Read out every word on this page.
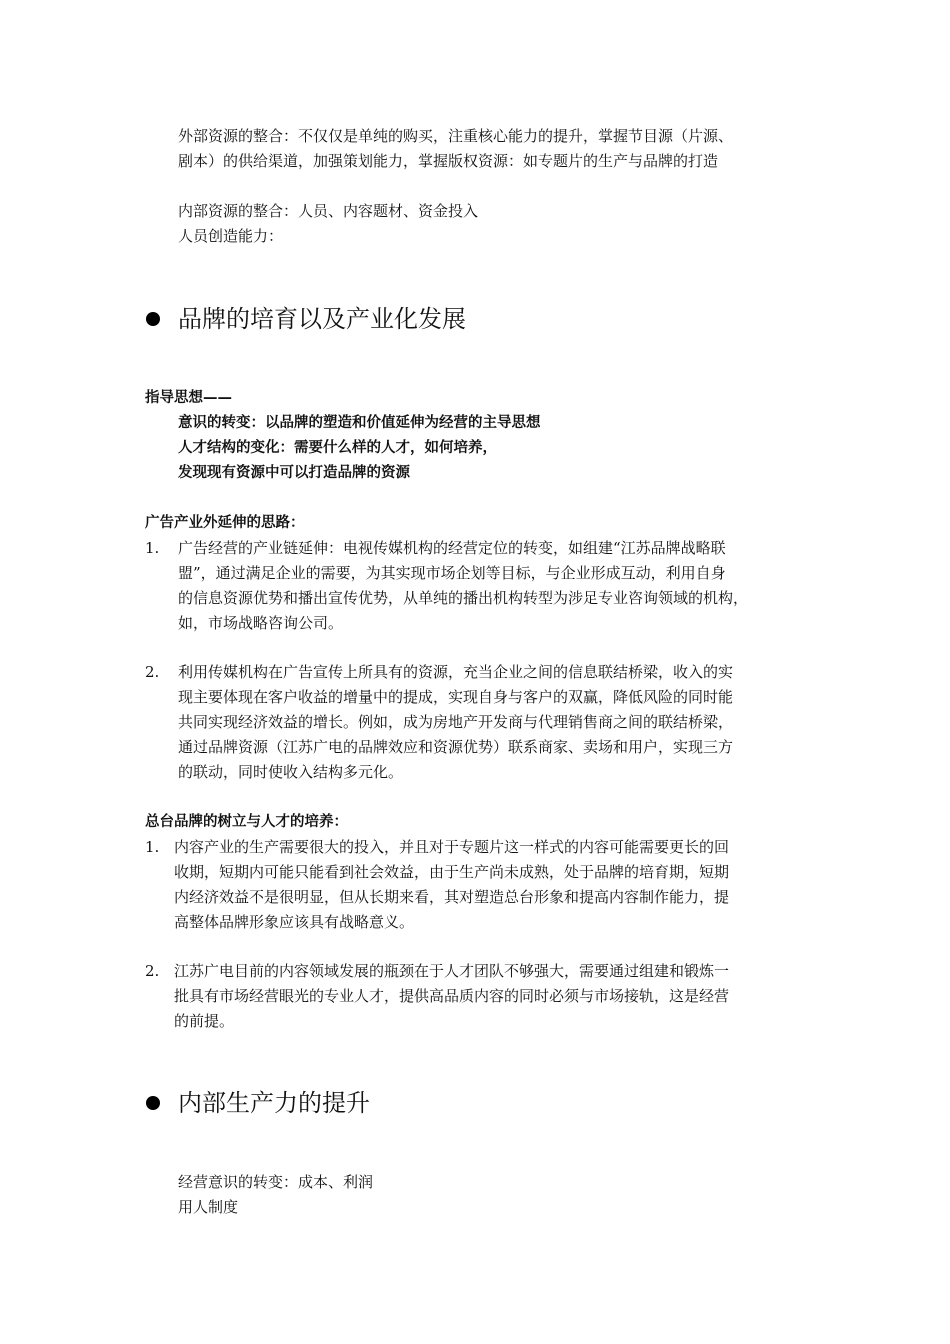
外部资源的整合：不仅仅是单纯的购买，注重核心能力的提升，掌握节目源（片源、
剧本）的供给渠道，加强策划能力，掌握版权资源：如专题片的生产与品牌的打造
内部资源的整合：人员、内容题材、资金投入
人员创造能力：
品牌的培育以及产业化发展
指导思想——
意识的转变：以品牌的塑造和价值延伸为经营的主导思想
人才结构的变化：需要什么样的人才，如何培养，
发现现有资源中可以打造品牌的资源
广告产业外延伸的思路：
1. 广告经营的产业链延伸：电视传媒机构的经营定位的转变，如组建“江苏品牌战略联
盟”，通过满足企业的需要，为其实现市场企划等目标，与企业形成互动，利用自身
的信息资源优势和播出宣传优势，从单纯的播出机构转型为涉足专业咨询领域的机构，
如，市场战略咨询公司。
2. 利用传媒机构在广告宣传上所具有的资源，充当企业之间的信息联结桥梁，收入的实
现主要体现在客户收益的增量中的提成，实现自身与客户的双赢，降低风险的同时能
共同实现经济效益的增长。例如，成为房地产开发商与代理销售商之间的联结桥梁，
通过品牌资源（江苏广电的品牌效应和资源优势）联系商家、卖场和用户，实现三方
的联动，同时使收入结构多元化。
总台品牌的树立与人才的培养：
1. 内容产业的生产需要很大的投入，并且对于专题片这一样式的内容可能需要更长的回
收期，短期内可能只能看到社会效益，由于生产尚未成熟，处于品牌的培育期，短期
内经济效益不是很明显，但从长期来看，其对塑造总台形象和提高内容制作能力，提
高整体品牌形象应该具有战略意义。
2. 江苏广电目前的内容领域发展的瓶颈在于人才团队不够强大，需要通过组建和锻炼一
批具有市场经营眼光的专业人才，提供高品质内容的同时必须与市场接轨，这是经营
的前提。
内部生产力的提升
经营意识的转变：成本、利润
用人制度
